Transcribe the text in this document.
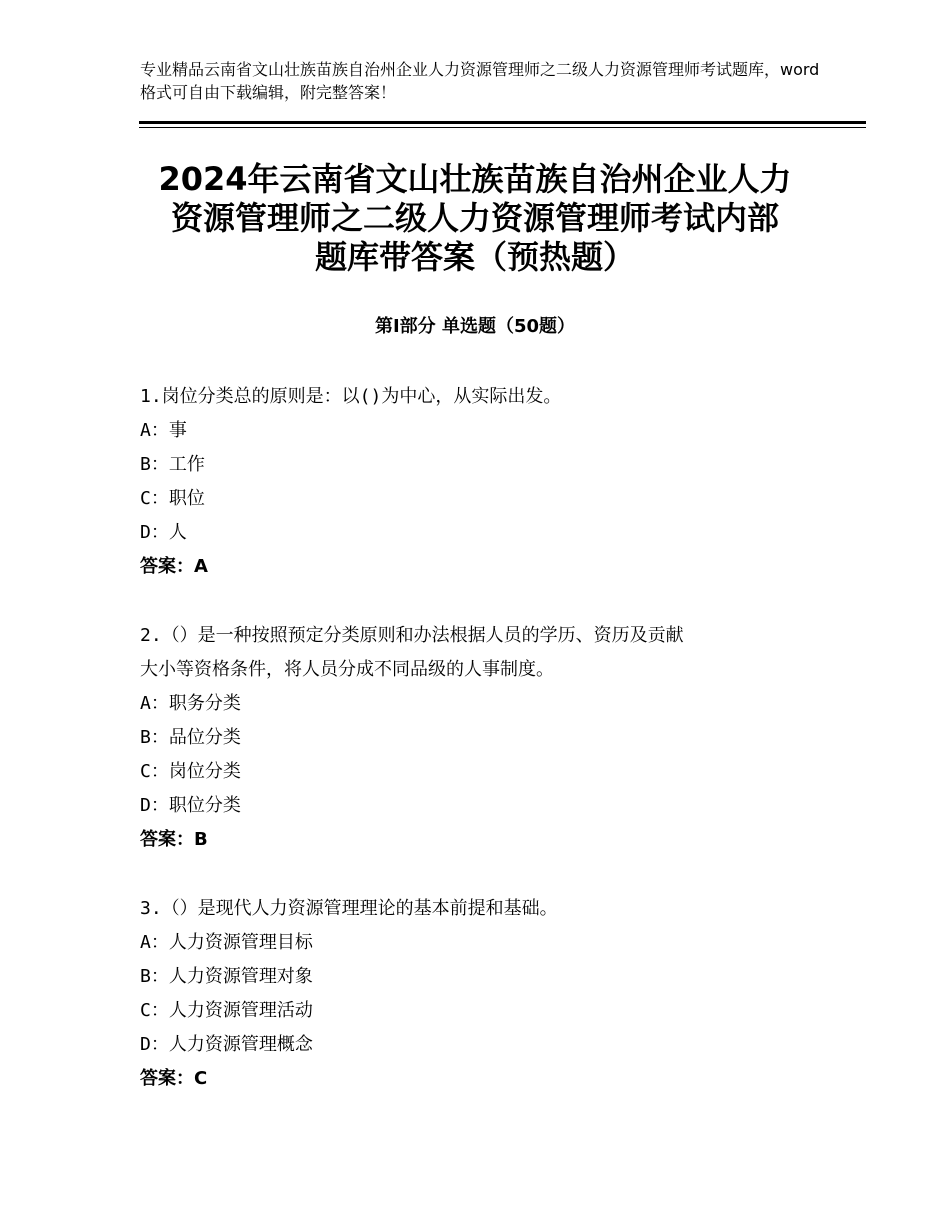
专业精品云南省文山壮族苗族自治州企业人力资源管理师之二级人力资源管理师考试题库，word格式可自由下载编辑，附完整答案！
2024年云南省文山壮族苗族自治州企业人力
资源管理师之二级人力资源管理师考试内部
题库带答案（预热题）
第Ⅰ部分 单选题（50题）
1.岗位分类总的原则是：以()为中心，从实际出发。
A：事
B：工作
C：职位
D：人
答案：A
2.（）是一种按照预定分类原则和办法根据人员的学历、资历及贡献
大小等资格条件，将人员分成不同品级的人事制度。
A：职务分类
B：品位分类
C：岗位分类
D：职位分类
答案：B
3.（）是现代人力资源管理理论的基本前提和基础。
A：人力资源管理目标
B：人力资源管理对象
C：人力资源管理活动
D：人力资源管理概念
答案：C
